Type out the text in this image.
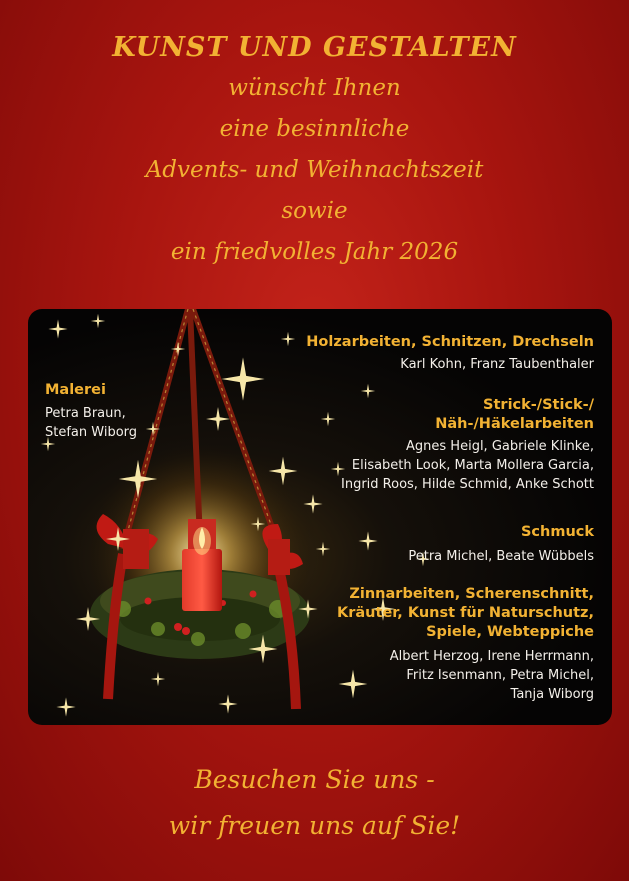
KUNST UND GESTALTEN
wünscht Ihnen
eine besinnliche
Advents- und Weihnachtszeit
sowie
ein friedvolles Jahr 2026
Holzarbeiten, Schnitzen, Drechseln
Karl Kohn, Franz Taubenthaler
Malerei
Petra Braun,
Stefan Wiborg
Strick-/Stick-/
Näh-/Häkelarbeiten
Agnes Heigl, Gabriele Klinke,
Elisabeth Look, Marta Mollera Garcia,
Ingrid Roos, Hilde Schmid, Anke Schott
Schmuck
Petra Michel, Beate Wübbels
Zinnarbeiten, Scherenschnitt,
Kräuter, Kunst für Naturschutz,
Spiele, Webteppiche
Albert Herzog, Irene Herrmann,
Fritz Isenmann, Petra Michel,
Tanja Wiborg
Besuchen Sie uns -
wir freuen uns auf Sie!
